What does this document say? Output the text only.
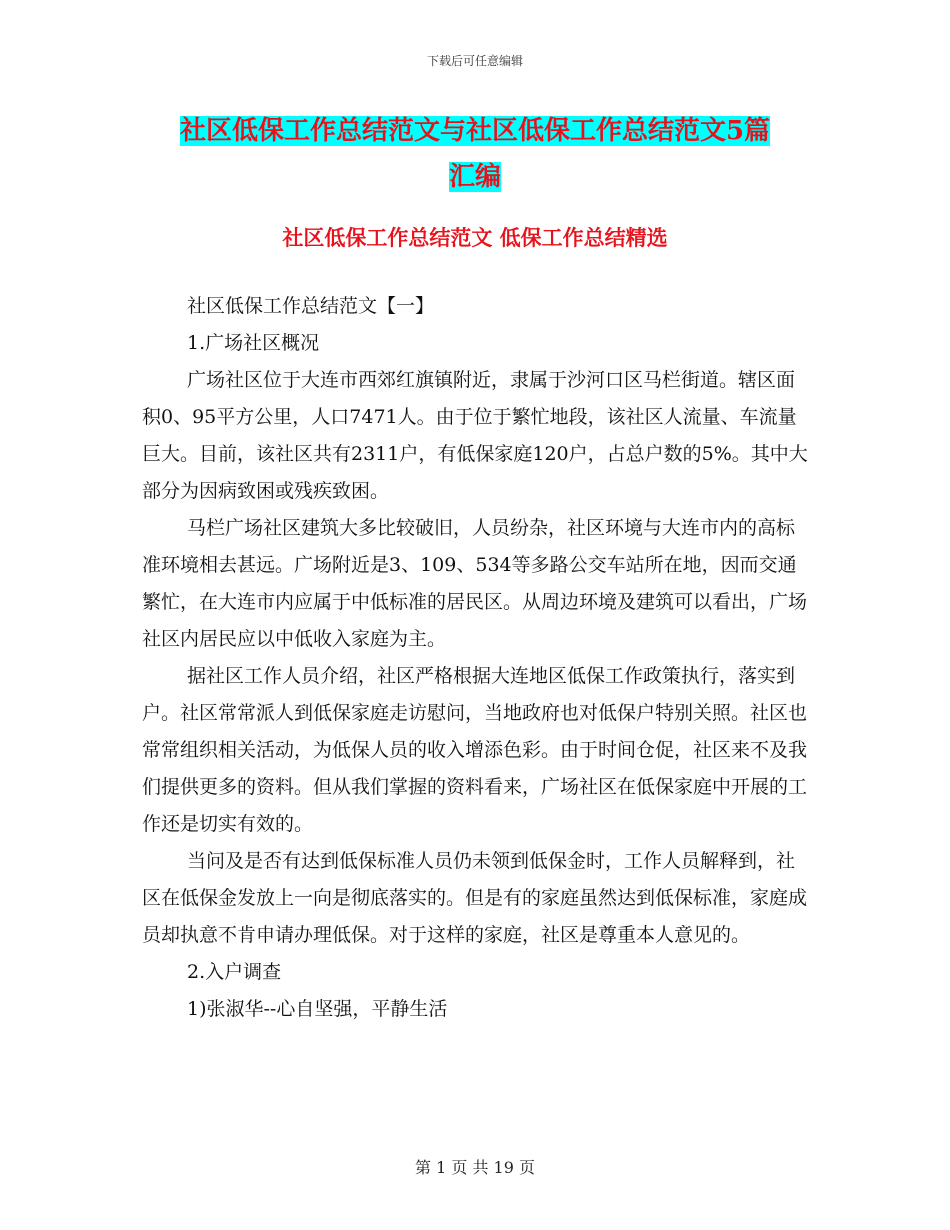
下载后可任意编辑
社区低保工作总结范文与社区低保工作总结范文5篇
汇编
社区低保工作总结范文 低保工作总结精选

社区低保工作总结范文【一】

1.广场社区概况

广场社区位于大连市西郊红旗镇附近，隶属于沙河口区马栏街道。辖区面积0、95平方公里，人口7471人。由于位于繁忙地段，该社区人流量、车流量巨大。目前，该社区共有2311户，有低保家庭120户，占总户数的5%。其中大部分为因病致困或残疾致困。

马栏广场社区建筑大多比较破旧，人员纷杂，社区环境与大连市内的高标准环境相去甚远。广场附近是3、109、534等多路公交车站所在地，因而交通繁忙，在大连市内应属于中低标准的居民区。从周边环境及建筑可以看出，广场社区内居民应以中低收入家庭为主。

据社区工作人员介绍，社区严格根据大连地区低保工作政策执行，落实到户。社区常常派人到低保家庭走访慰问，当地政府也对低保户特别关照。社区也常常组织相关活动，为低保人员的收入增添色彩。由于时间仓促，社区来不及我们提供更多的资料。但从我们掌握的资料看来，广场社区在低保家庭中开展的工作还是切实有效的。

当问及是否有达到低保标准人员仍未领到低保金时，工作人员解释到，社区在低保金发放上一向是彻底落实的。但是有的家庭虽然达到低保标准，家庭成员却执意不肯申请办理低保。对于这样的家庭，社区是尊重本人意见的。

2.入户调查

1)张淑华--心自坚强，平静生活

第 1 页 共 19 页
